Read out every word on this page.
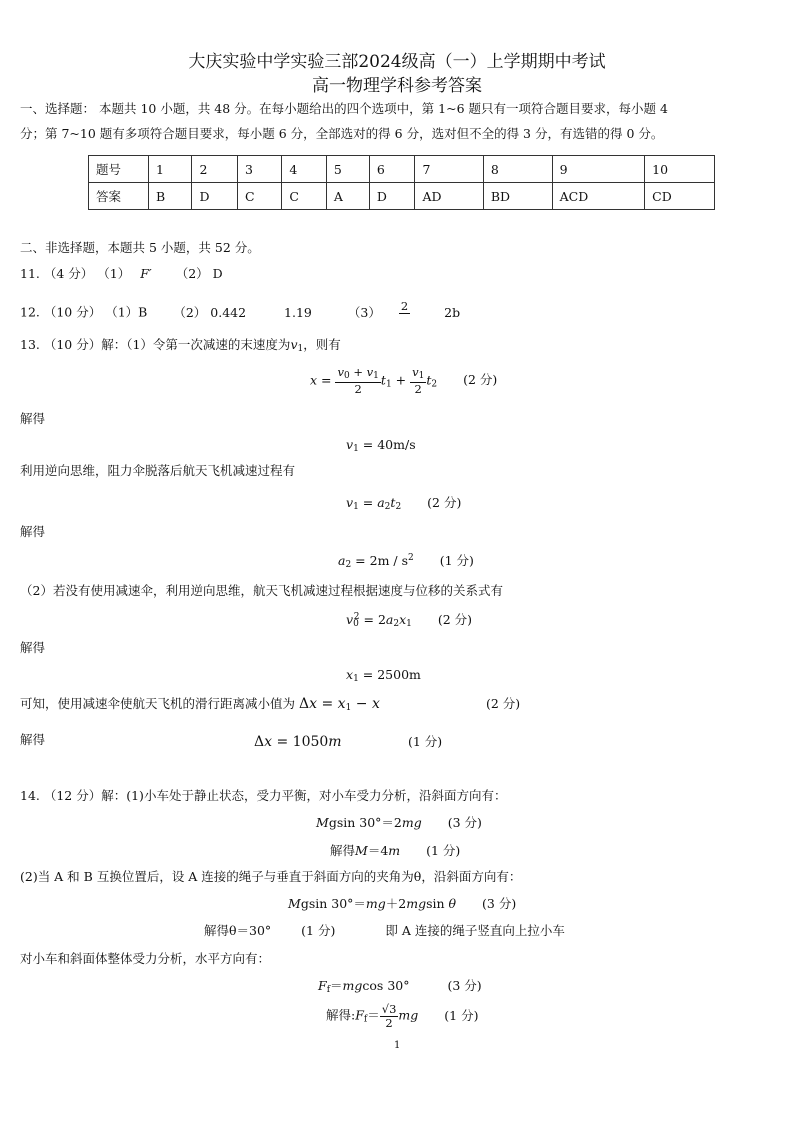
大庆实验中学实验三部2024级高（一）上学期期中考试
高一物理学科参考答案
一、选择题： 本题共 10 小题，共 48 分。在每小题给出的四个选项中，第 1~6 题只有一项符合题目要求，每小题 4
分；第 7~10 题有多项符合题目要求，每小题 6 分，全部选对的得 6 分，选对但不全的得 3 分，有选错的得 0 分。
题号	1	2	3	4	5	6	7	8	9	10
答案	B	D	C	C	A	D	AD	BD	ACD	CD
二、非选择题，本题共 5 小题，共 52 分。
11. （4 分） （1） F′ （2） D
12. （10 分） （1）B （2） 0.442	1.19	（3） 2
	2b
13. （10 分）解：（1）令第一次减速的末速度为$v_1$，则有
$x = \frac{v_0 + v_1}{2} t_1 + \frac{v_1}{2} t_2$ (2 分)
解得
$v_1 = 40m/s$
利用逆向思维，阻力伞脱落后航天飞机减速过程有
$v_1 = a_2t_2$ (2 分)
解得
$a_2 = 2m / s^2$ (1 分)
（2）若没有使用减速伞，利用逆向思维，航天飞机减速过程根据速度与位移的关系式有
$v_0^2 = 2a_2x_1$ (2 分)
解得
$x_1 = 2500m$
可知，使用减速伞使航天飞机的滑行距离减小值为 $\Delta x = x_1 - x$	(2 分)
解得	Δx = 1050m	(1 分)
14. （12 分）解：(1)小车处于静止状态，受力平衡，对小车受力分析，沿斜面方向有：
Mgsin 30°＝2mg (3 分)
解得M＝4m (1 分)
(2)当 A 和 B 互换位置后，设 A 连接的绳子与垂直于斜面方向的夹角为θ，沿斜面方向有：
Mgsin 30°＝mg＋2mgsin θ (3 分)
解得θ＝30° (1 分)	即 A 连接的绳子竖直向上拉小车
对小车和斜面体整体受力分析，水平方向有：
$F_f=mgcos$ 30°	(3 分)
解得$:F_f= \frac{√3}{2}$ mg (1 分)
1
